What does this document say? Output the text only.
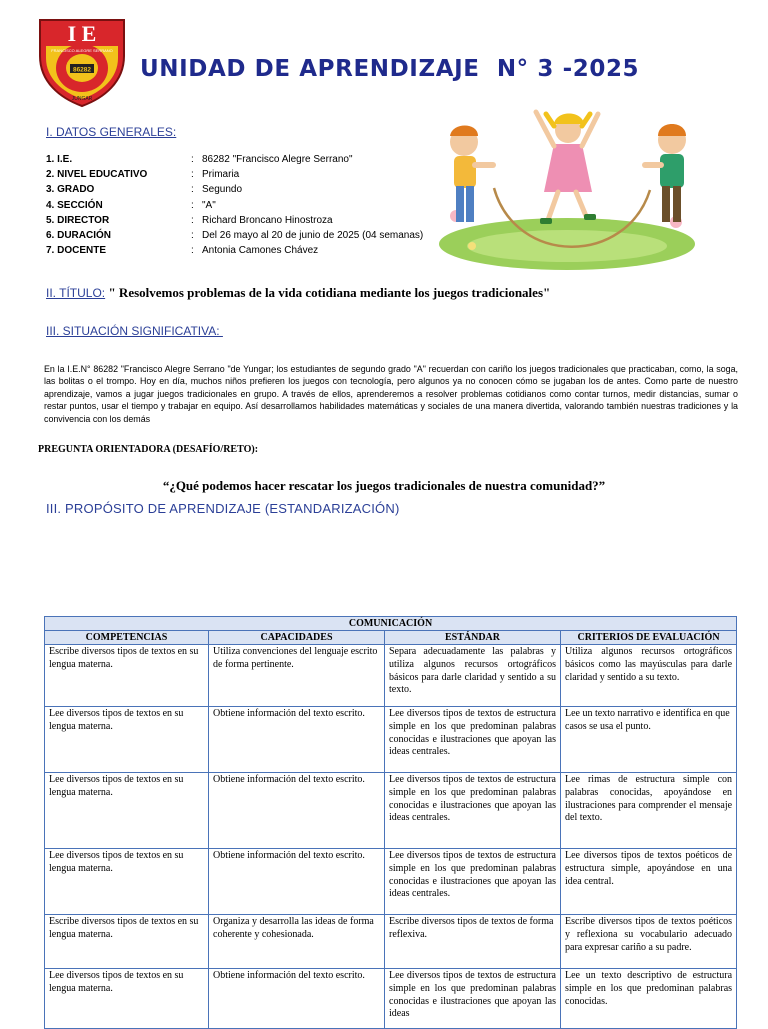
I E
86282
JUNGAR
FRANCISCO ALEGRE SERRANO
UNIDAD DE APRENDIZAJE  N° 3 -2025
I. DATOS GENERALES:
1. I.E.	: 86282 "Francisco Alegre Serrano"
2. NIVEL EDUCATIVO	: Primaria
3. GRADO	: Segundo
4. SECCIÓN	: "A"
5. DIRECTOR	: Richard Broncano Hinostroza
6. DURACIÓN	: Del 26 mayo al 20 de junio de 2025 (04 semanas)
7. DOCENTE	: Antonia Camones Chávez
II. TÍTULO: " Resolvemos problemas de la vida cotidiana mediante los juegos tradicionales"
III. SITUACIÓN SIGNIFICATIVA:
En la I.E.N° 86282 "Francisco Alegre Serrano "de Yungar; los estudiantes de segundo grado "A" recuerdan con cariño los juegos tradicionales que practicaban, como, la soga, las bolitas o el trompo. Hoy en día, muchos niños prefieren los juegos con tecnología, pero algunos ya no conocen cómo se jugaban los de antes. Como parte de nuestro aprendizaje, vamos a jugar juegos tradicionales en grupo. A través de ellos, aprenderemos a resolver problemas cotidianos como contar turnos, medir distancias, sumar o restar puntos, usar el tiempo y trabajar en equipo. Así desarrollamos habilidades matemáticas y sociales de una manera divertida, valorando también nuestras tradiciones y la convivencia con los demás
PREGUNTA ORIENTADORA (DESAFÍO/RETO):
“¿Qué podemos hacer rescatar los juegos tradicionales de nuestra comunidad?”
III. PROPÓSITO DE APRENDIZAJE (ESTANDARIZACIÓN)
COMUNICACIÓN			
COMPETENCIAS	CAPACIDADES	ESTÁNDAR	CRITERIOS DE EVALUACIÓN
Escribe diversos tipos de textos en su lengua materna.	Utiliza convenciones del lenguaje escrito de forma pertinente.	Separa adecuadamente las palabras y utiliza algunos recursos ortográficos básicos para darle claridad y sentido a su texto.	Utiliza algunos recursos ortográficos básicos como las mayúsculas para darle claridad y sentido a su texto.
Lee diversos tipos de textos en su lengua materna.	Obtiene información del texto escrito.	Lee diversos tipos de textos de estructura simple en los que predominan palabras conocidas e ilustraciones que apoyan las ideas centrales.	Lee un texto narrativo e identifica en que casos se usa el punto.
Lee diversos tipos de textos en su lengua materna.	Obtiene información del texto escrito.	Lee diversos tipos de textos de estructura simple en los que predominan palabras conocidas e ilustraciones que apoyan las ideas centrales.	Lee rimas de estructura simple con palabras conocidas, apoyándose en ilustraciones para comprender el mensaje del texto.
Lee diversos tipos de textos en su lengua materna.	Obtiene información del texto escrito.	Lee diversos tipos de textos de estructura simple en los que predominan palabras conocidas e ilustraciones que apoyan las ideas centrales.	Lee diversos tipos de textos poéticos de estructura simple, apoyándose en una idea central.
Escribe diversos tipos de textos en su lengua materna.	Organiza y desarrolla las ideas de forma coherente y cohesionada.	Escribe diversos tipos de textos de forma reflexiva.	Escribe diversos tipos de textos poéticos y reflexiona su vocabulario adecuado para expresar cariño a su padre.
Lee diversos tipos de textos en su lengua materna.	Obtiene información del texto escrito.	Lee diversos tipos de textos de estructura simple en los que predominan palabras conocidas e ilustraciones que apoyan las ideas	Lee un texto descriptivo de estructura simple en los que predominan palabras conocidas.
